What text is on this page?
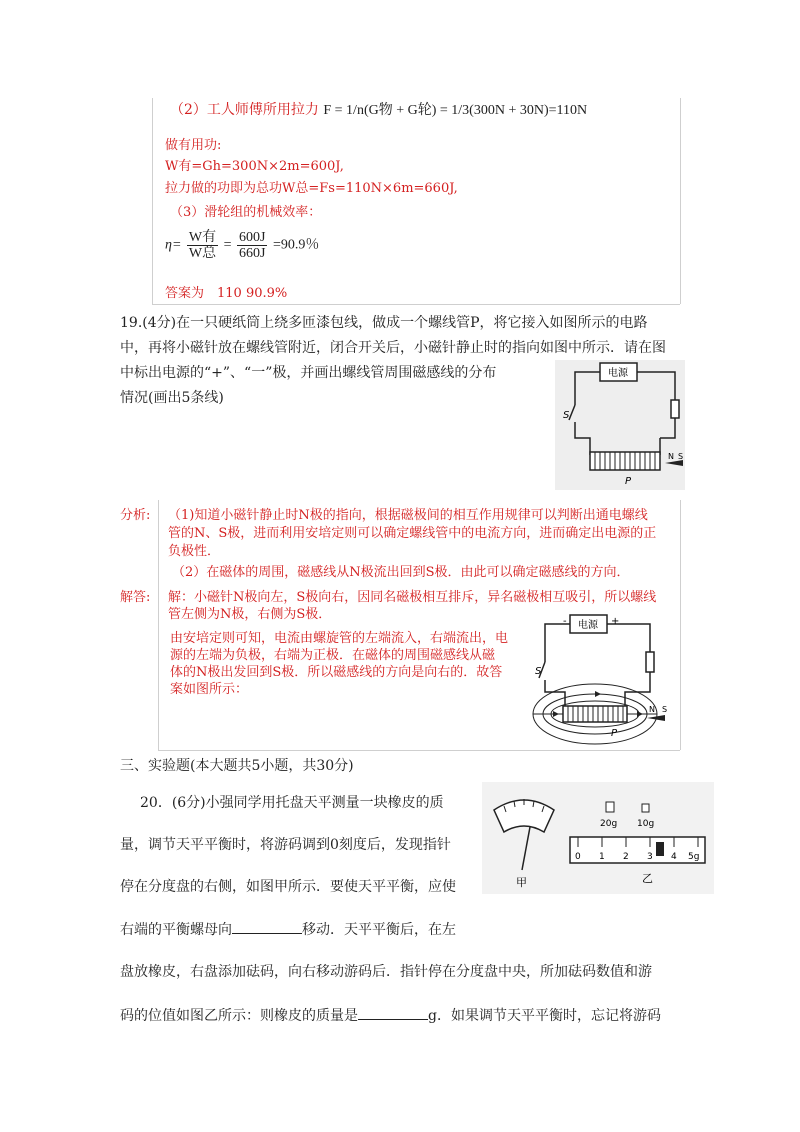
（2）工人师傅所用拉力 F = 1/n(G物 + G轮) = 1/3(300N + 30N)=110N
做有用功:
W有=Gh=300N×2m=600J,
拉力做的功即为总功W总=Fs=110N×6m=660J,
（3）滑轮组的机械效率：
$\eta= \frac{\text{W有}}{\text{W总}} = \frac{600J}{660J} =90.9$％
答案为　110 90.9%
19.(4分)在一只硬纸筒上绕多匝漆包线，做成一个螺线管P，将它接入如图所示的电路
中，再将小磁针放在螺线管附近，闭合开关后，小磁针静止时的指向如图中所示．请在图
中标出电源的“+”、“一”极，并画出螺线管周围磁感线的分布
情况(画出5条线)
电源
S
P
N S
分析: （1)知道小磁针静止时N极的指向，根据磁极间的相互作用规律可以判断出通电螺线
管的N、S极，进而利用安培定则可以确定螺线管中的电流方向，进而确定出电源的正
负极性．
（2）在磁体的周围，磁感线从N极流出回到S极．由此可以确定磁感线的方向．
解答: 解：小磁针N极向左，S极向右，因同名磁极相互排斥，异名磁极相互吸引，所以螺线
管左侧为N极，右侧为S极．
由安培定则可知，电流由螺旋管的左端流入，右端流出，电
源的左端为负极，右端为正极．在磁体的周围磁感线从磁
体的N极出发回到S极．所以磁感线的方向是向右的．故答
案如图所示：
电源
-	+
S
P
N S
三、实验题(本大题共5小题，共30分)
20．(6分)小强同学用托盘天平测量一块橡皮的质
量，调节天平平衡时，将游码调到0刻度后，发现指针
停在分度盘的右侧，如图甲所示．要使天平平衡，应使
右端的平衡螺母向	移动．天平平衡后，在左
盘放橡皮，右盘添加砝码，向右移动游码后．指针停在分度盘中央，所加砝码数值和游
码的位值如图乙所示：则橡皮的质量是	g．如果调节天平平衡时，忘记将游码
甲
20g 10g
0 1 2 3 4 5g
乙
